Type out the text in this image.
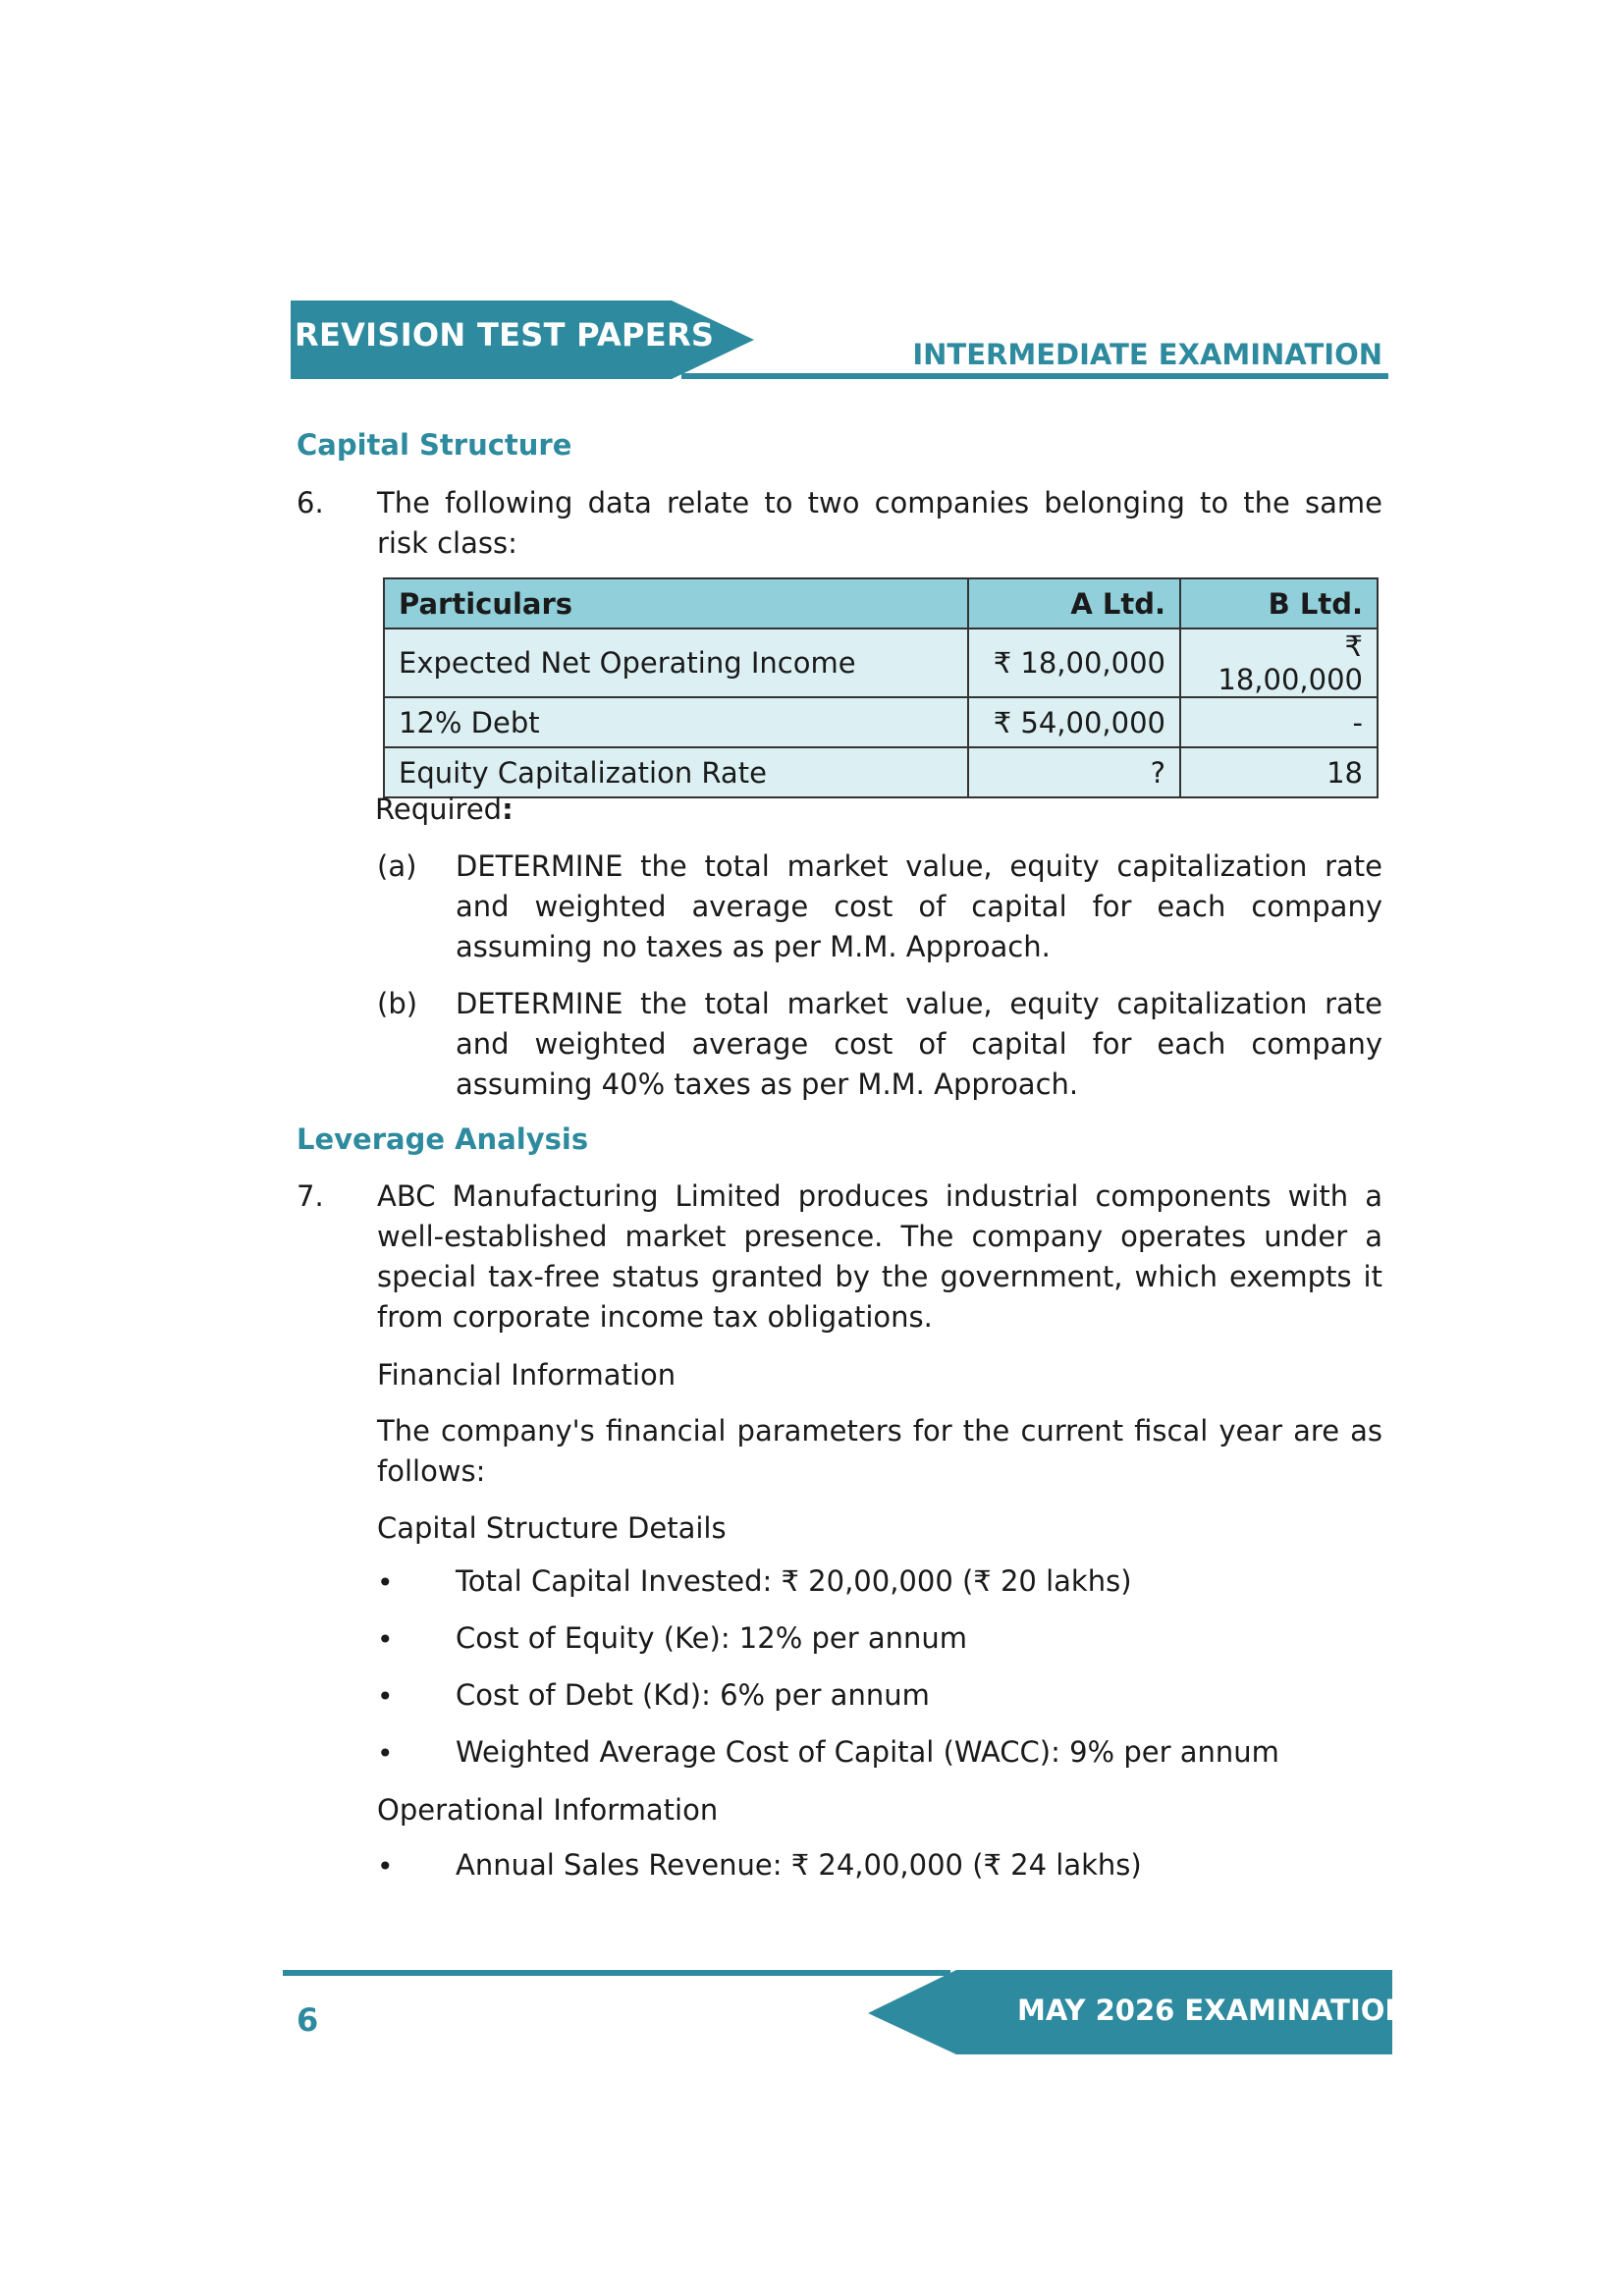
REVISION TEST PAPERS
INTERMEDIATE EXAMINATION
Capital Structure
6. The following data relate to two companies belonging to the same risk class:
Particulars	A Ltd.	B Ltd.
Expected Net Operating Income	₹ 18,00,000	₹ 18,00,000
12% Debt	₹ 54,00,000	-
Equity Capitalization Rate	?	18
Required:
(a) DETERMINE the total market value, equity capitalization rate and weighted average cost of capital for each company assuming no taxes as per M.M. Approach.
(b) DETERMINE the total market value, equity capitalization rate and weighted average cost of capital for each company assuming 40% taxes as per M.M. Approach.
Leverage Analysis
7. ABC Manufacturing Limited produces industrial components with a well-established market presence. The company operates under a special tax-free status granted by the government, which exempts it from corporate income tax obligations.
Financial Information
The company's financial parameters for the current fiscal year are as follows:
Capital Structure Details
• Total Capital Invested: ₹ 20,00,000 (₹ 20 lakhs)
• Cost of Equity (Ke): 12% per annum
• Cost of Debt (Kd): 6% per annum
• Weighted Average Cost of Capital (WACC): 9% per annum
Operational Information
• Annual Sales Revenue: ₹ 24,00,000 (₹ 24 lakhs)
MAY 2026 EXAMINATION
6
